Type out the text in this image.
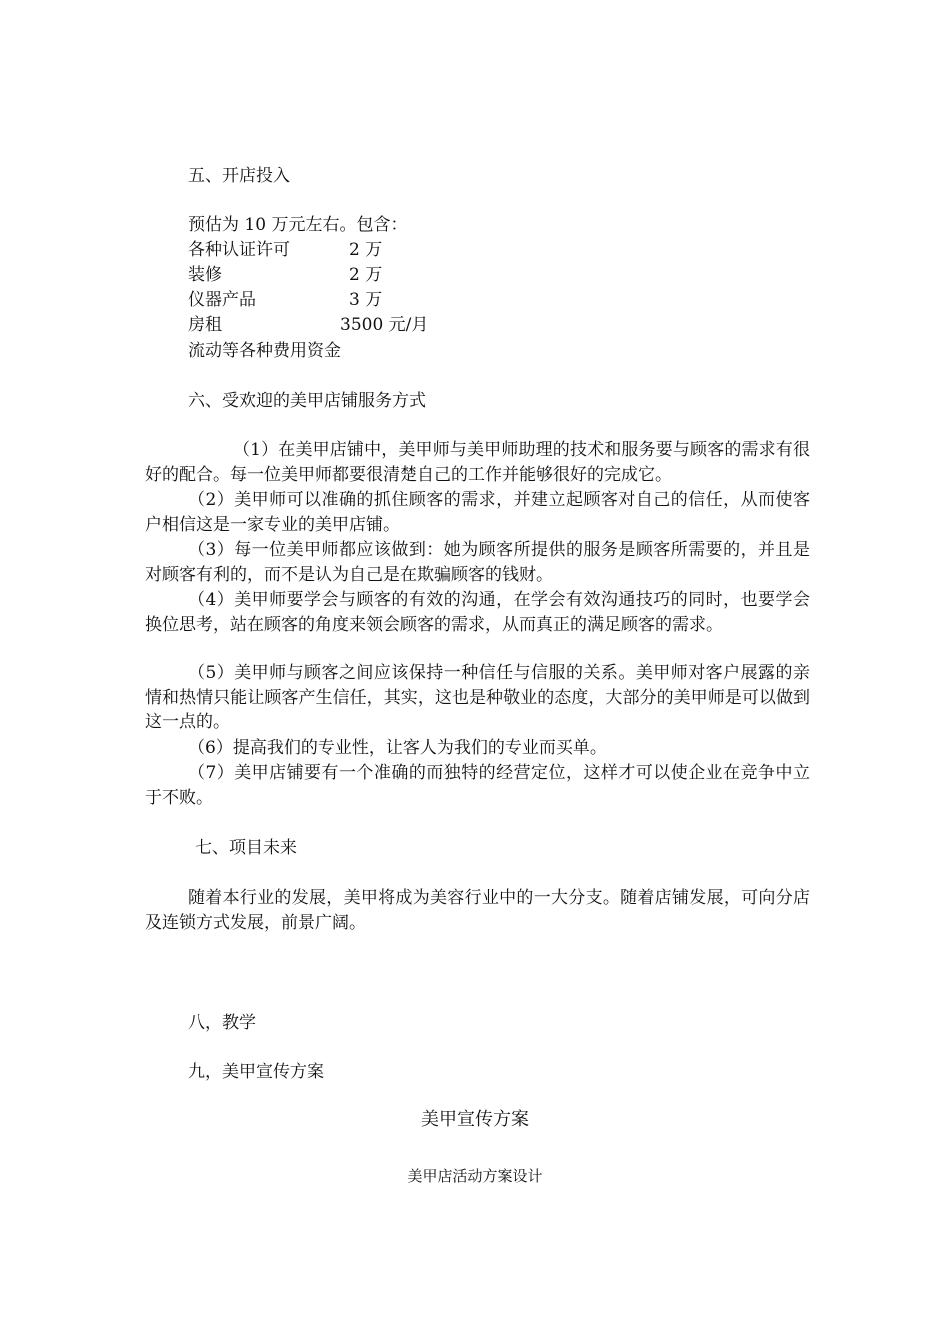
五、开店投入
预估为 10 万元左右。包含：
各种认证许可	2 万
装修	2 万
仪器产品	3 万
房租	3500 元/月
流动等各种费用资金
六、受欢迎的美甲店铺服务方式
（1）在美甲店铺中，美甲师与美甲师助理的技术和服务要与顾客的需求有很好的配合。每一位美甲师都要很清楚自己的工作并能够很好的完成它。
（2）美甲师可以准确的抓住顾客的需求，并建立起顾客对自己的信任，从而使客户相信这是一家专业的美甲店铺。
（3）每一位美甲师都应该做到：她为顾客所提供的服务是顾客所需要的，并且是对顾客有利的，而不是认为自己是在欺骗顾客的钱财。
（4）美甲师要学会与顾客的有效的沟通，在学会有效沟通技巧的同时，也要学会换位思考，站在顾客的角度来领会顾客的需求，从而真正的满足顾客的需求。
（5）美甲师与顾客之间应该保持一种信任与信服的关系。美甲师对客户展露的亲情和热情只能让顾客产生信任，其实，这也是种敬业的态度，大部分的美甲师是可以做到这一点的。
（6）提高我们的专业性，让客人为我们的专业而买单。
（7）美甲店铺要有一个准确的而独特的经营定位，这样才可以使企业在竞争中立于不败。
七、项目未来
随着本行业的发展，美甲将成为美容行业中的一大分支。随着店铺发展，可向分店及连锁方式发展，前景广阔。
八，教学
九，美甲宣传方案
美甲宣传方案
美甲店活动方案设计
